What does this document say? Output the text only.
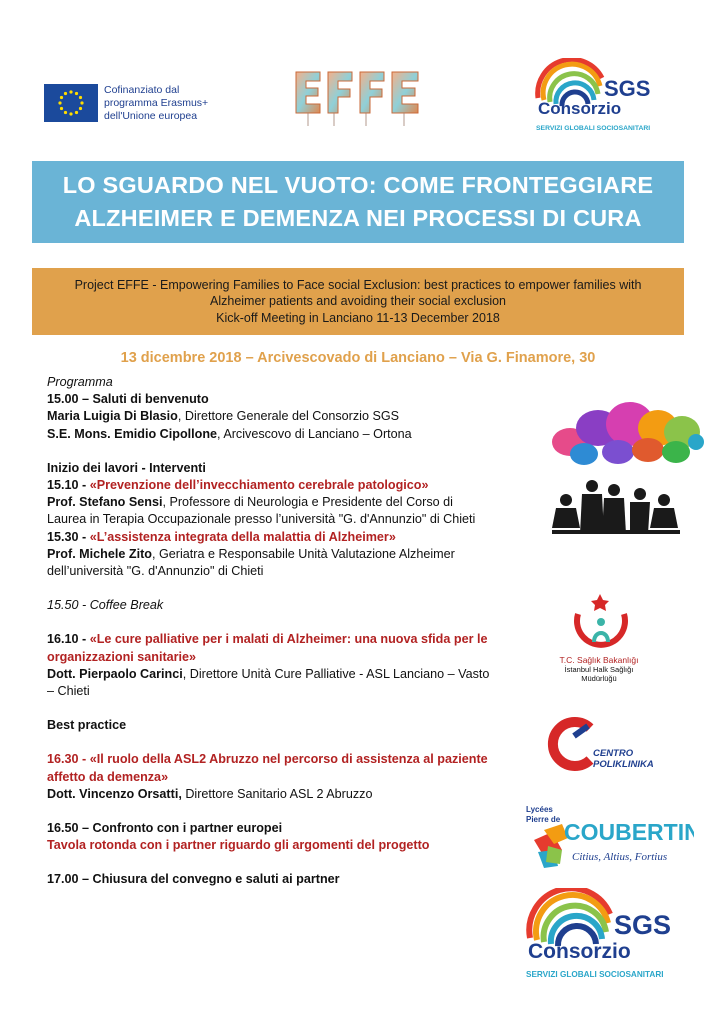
Cofinanziato dal
programma Erasmus+
dell'Unione europea
SGS
Consorzio
SERVIZI GLOBALI SOCIOSANITARI
LO SGUARDO NEL VUOTO: COME FRONTEGGIARE
ALZHEIMER E DEMENZA NEI PROCESSI DI CURA
Project EFFE - Empowering Families to Face social Exclusion: best practices to empower families with
Alzheimer patients and avoiding their social exclusion
Kick-off Meeting in Lanciano 11-13 December 2018
13 dicembre 2018 – Arcivescovado di Lanciano – Via G. Finamore, 30
Programma
15.00 – Saluti di benvenuto
Maria Luigia Di Blasio, Direttore Generale del Consorzio SGS
S.E. Mons. Emidio Cipollone, Arcivescovo di Lanciano – Ortona
Inizio dei lavori - Interventi
15.10 - «Prevenzione dell’invecchiamento cerebrale patologico»
Prof. Stefano Sensi, Professore di Neurologia e Presidente del Corso di
Laurea in Terapia Occupazionale presso l’università "G. d'Annunzio" di Chieti
15.30 - «L’assistenza integrata della malattia di Alzheimer»
Prof. Michele Zito, Geriatra e Responsabile Unità Valutazione Alzheimer
dell’università "G. d'Annunzio" di Chieti
15.50 - Coffee Break
16.10 - «Le cure palliative per i malati di Alzheimer: una nuova sfida per le
organizzazioni sanitarie»
Dott. Pierpaolo Carinci, Direttore Unità Cure Palliative - ASL Lanciano – Vasto
– Chieti
Best practice
16.30 - «Il ruolo della ASL2 Abruzzo nel percorso di assistenza al paziente
affetto da demenza»
Dott. Vincenzo Orsatti, Direttore Sanitario ASL 2 Abruzzo
16.50 – Confronto con i partner europei
Tavola rotonda con i partner riguardo gli argomenti del progetto
17.00 – Chiusura del convegno e saluti ai partner
T.C. Sağlık Bakanlığı
İstanbul Halk Sağlığı
Müdürlüğü
CENTRO
POLIKLINIKA
Lycées
Pierre de COUBERTIN
Citius, Altius, Fortius
SGS
Consorzio
SERVIZI GLOBALI SOCIOSANITARI
